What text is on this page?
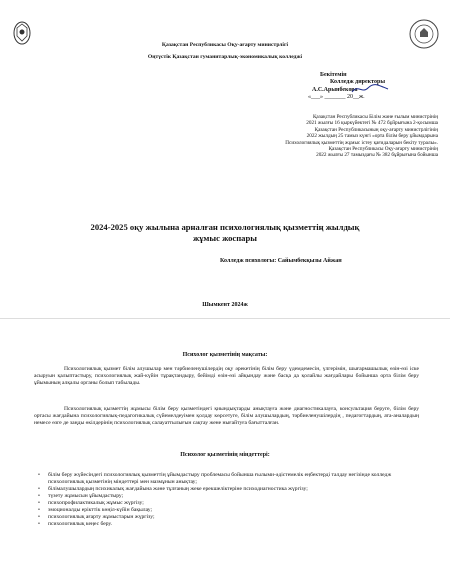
Қазақстан Республикасы Оқу-ағарту министрлігі
Оңтүстік Қазақстан гуманитарлық-экономикалық колледжі
Бекітемін
Колледж директоры
А.С.Арынбекова
«___» _______ 20__ж.
Қазақстан Республикасы Білім және ғылым министрінің
2021 жылғы 16 қыркүйектегі № 472 бұйрығына 2-қосымша
Қазақстан Республикасының оқу-ағарту министрлігінің
2022 жылдың 25 тамыз күнгі «орта білім беру ұйымдарына
Психологиялық қызметтің жұмыс істеу қағидаларын бекіту туралы».
Қазақстан Республикасы Оқу-ағарту министрінің
2022 жылғы 27 тамыздағы № 382 бұйрығына бойынша
2024-2025 оқу жылына арналған психологиялық қызметтің жылдық жұмыс жоспары
Колледж психологы: Сайымбекқызы Айжан
Шымкент 2024ж
Психолог қызметінің мақсаты:
Психологиялық қызмет білім алушылар мен тәрбиеленушілердің оқу әрекетінің білім беру үдемдемесін, үлгерімін, шығармашылық өзін-өзі іске асыруын қалыптастыру, психологиялық жай-күйін тұрақтандыру, бейімді өзін-өзі айқындау және басқа да қолайлы жағдайлары бойынша орта білім беру ұйымының алқалы органы болып табылады.
Психологиялық қызметтің жұмысы білім беру қызметіндегі қиындықтарды анықтауға және диагностикалауға, консультация беруге, білім беру ортасы жағдайына психологиялық-педагогикалық сүйемелдеуімен қолдау көрсетуге, білім алушылардың, тәрбиеленушілердің , педагогтардың, ата-аналардың немесе өзге де заңды өкілдерінің психологиялық салауаттылығын сақтау жене нығайтуға бағытталған.
Психолог қызметінің міндеттері:
• білім беру жүйесіндегі психологиялық қызметтің ұйымдастыру проблемасы бойынша ғылыми-әдістемелік еңбектерді талдау негізінде колледж психологиялық қызметінің міндеттері мен мазмұнын анықтау;
• білімалушылардың психикалық жағдайына және тұлғаның жеке ерекшеліктеріне психодиагностика жүргізу;
• түзету жұмысын ұйымдастыру;
• психопрофилактикалық жұмыс жүргізу;
• эмоционалды ерікттік көңіл-күйін бақылау;
• психологиялық ағарту жұмыстарын жүргізу;
• психологиялық кеңес беру.
